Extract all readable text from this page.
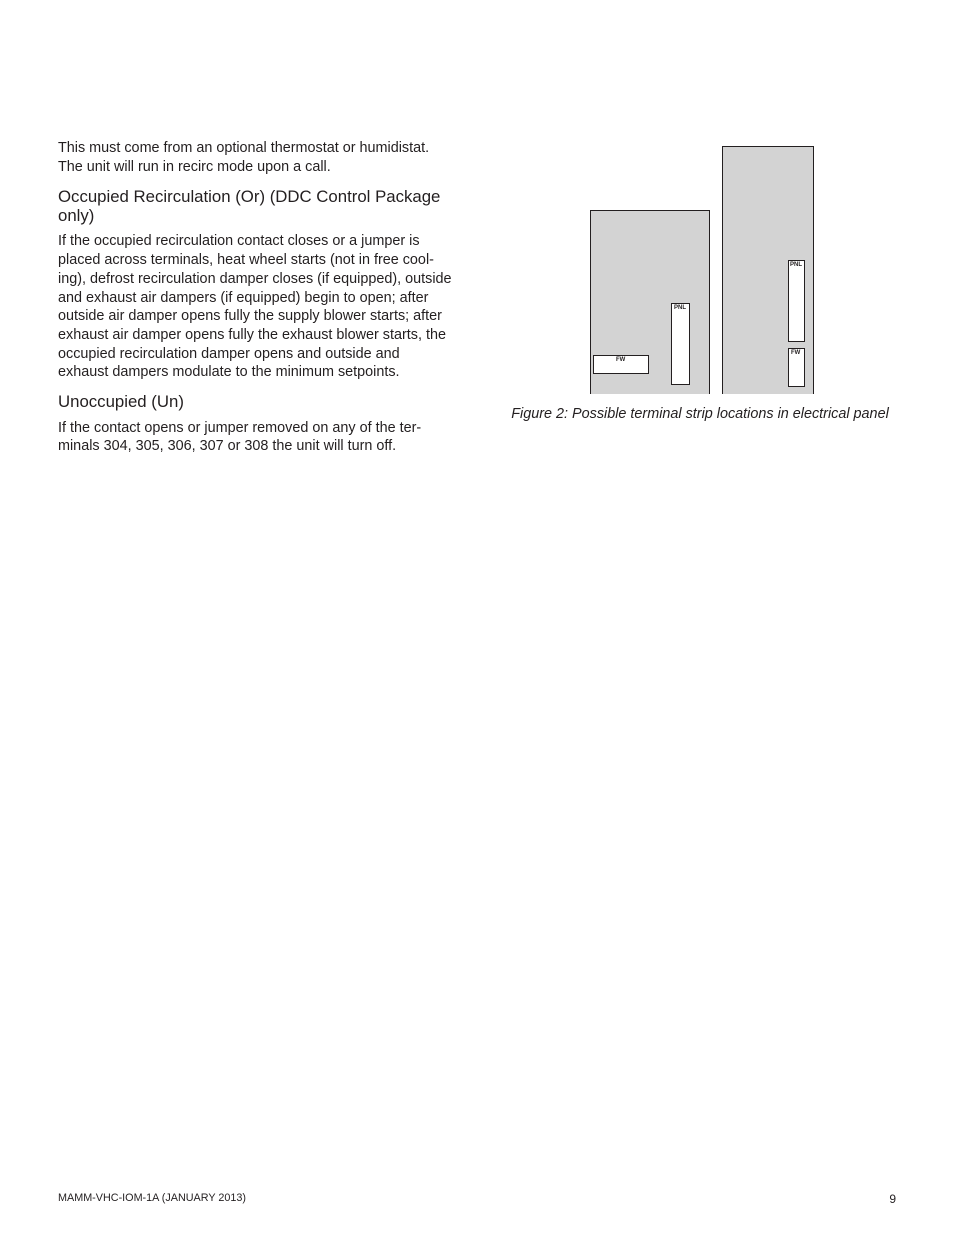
This must come from an optional thermostat or humidistat. The unit will run in recirc mode upon a call.

Occupied Recirculation (Or) (DDC Control Package only)

If the occupied recirculation contact closes or a jumper is placed across terminals, heat wheel starts (not in free cooling), defrost recirculation damper closes (if equipped), outside and exhaust air dampers (if equipped) begin to open; after outside air damper opens fully the supply blower starts; after exhaust air damper opens fully the exhaust blower starts, the occupied recirculation damper opens and outside and exhaust dampers modulate to the minimum setpoints.

Unoccupied (Un)

If the contact opens or jumper removed on any of the terminals 304, 305, 306, 307 or 308 the unit will turn off.

FW
PNL
PNL
FW

Figure 2: Possible terminal strip locations in electrical panel

MAMM-VHC-IOM-1A (JANUARY 2013)	9
